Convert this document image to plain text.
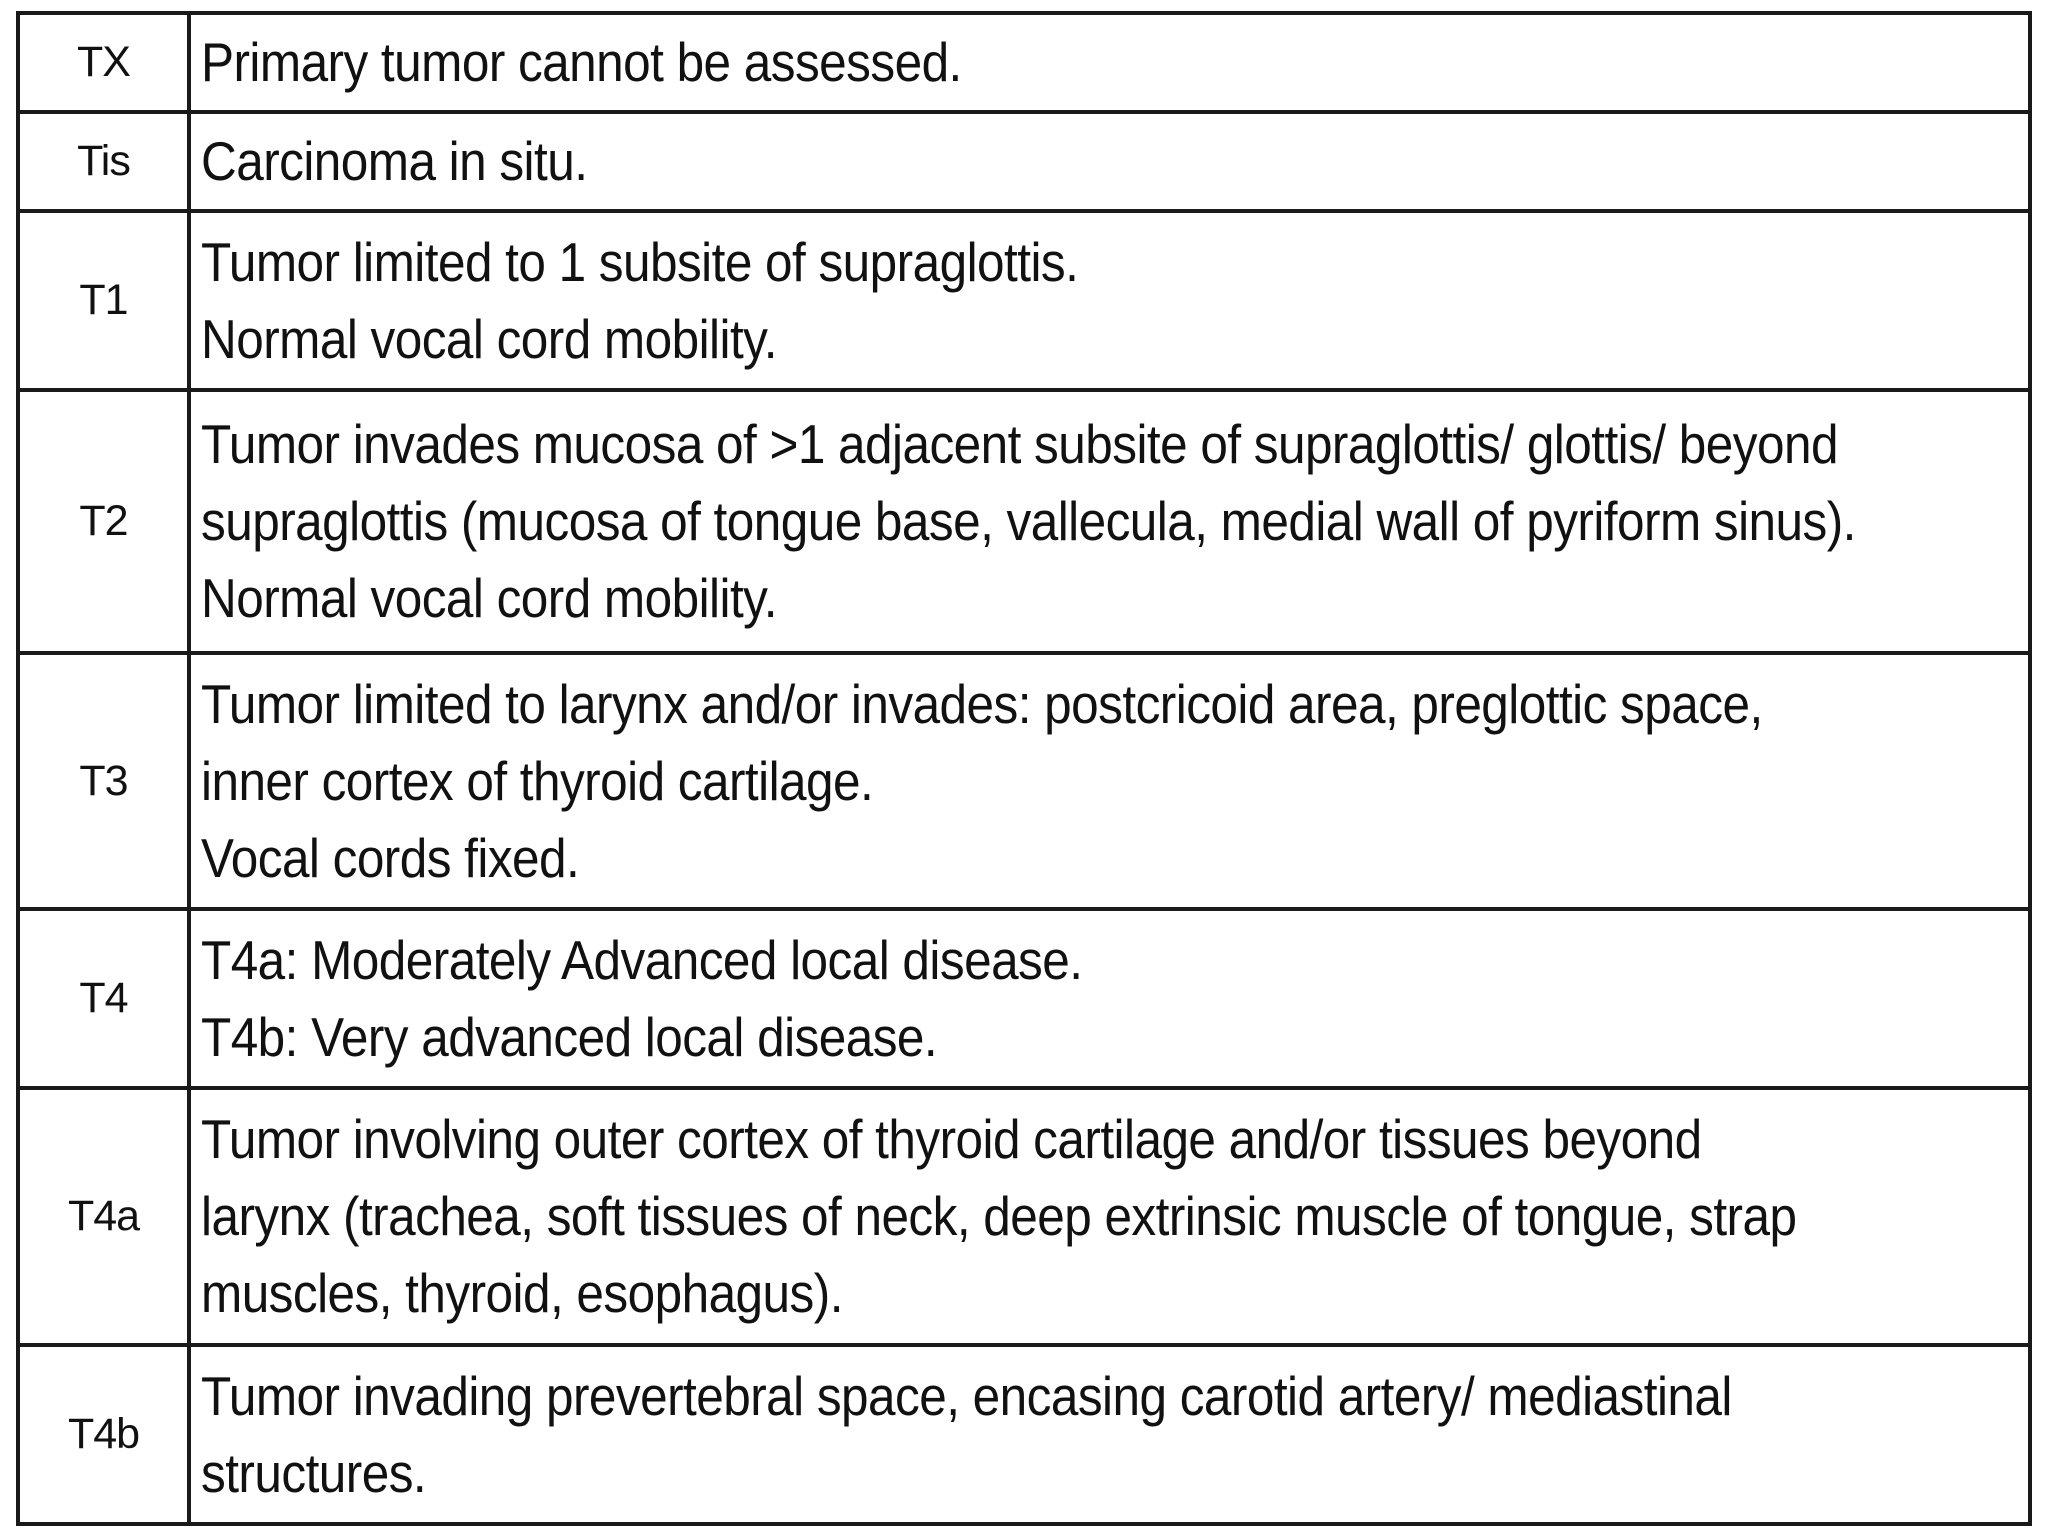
TX	Primary tumor cannot be assessed.

Tis	Carcinoma in situ.

T1	Tumor limited to 1 subsite of supraglottis.
Normal vocal cord mobility.

T2	Tumor invades mucosa of >1 adjacent subsite of supraglottis/ glottis/ beyond
supraglottis (mucosa of tongue base, vallecula, medial wall of pyriform sinus).
Normal vocal cord mobility.

T3	Tumor limited to larynx and/or invades: postcricoid area, preglottic space,
inner cortex of thyroid cartilage.
Vocal cords fixed.

T4	T4a: Moderately Advanced local disease.
T4b: Very advanced local disease.

T4a	Tumor involving outer cortex of thyroid cartilage and/or tissues beyond
larynx (trachea, soft tissues of neck, deep extrinsic muscle of tongue, strap
muscles, thyroid, esophagus).

T4b	Tumor invading prevertebral space, encasing carotid artery/ mediastinal
structures.
